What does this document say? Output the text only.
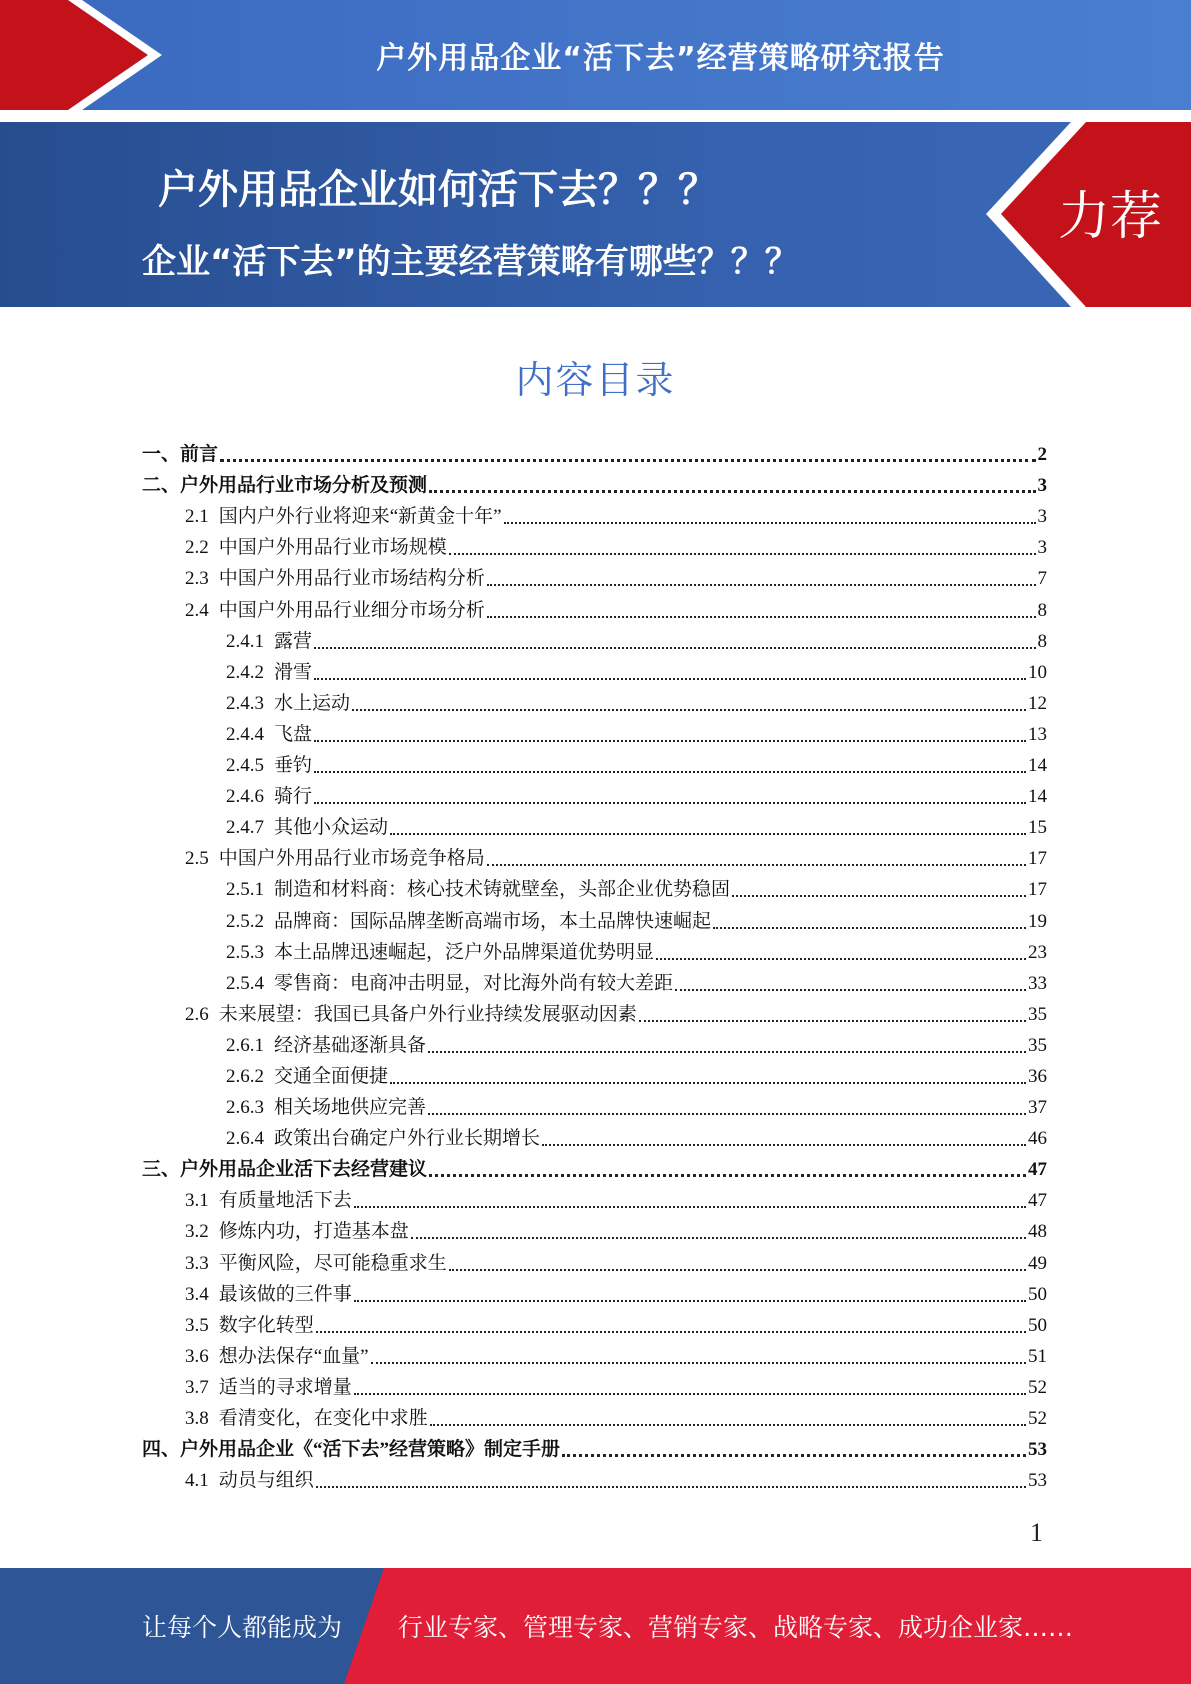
户外用品企业“活下去”经营策略研究报告
户外用品企业如何活下去？？？
企业“活下去”的主要经营策略有哪些？？？
力荐
内容目录
一、 前言	2
二、 户外用品行业市场分析及预测	3
2.1 国内户外行业将迎来“新黄金十年”	3
2.2 中国户外用品行业市场规模	3
2.3 中国户外用品行业市场结构分析	7
2.4 中国户外用品行业细分市场分析	8
2.4.1 露营	8
2.4.2 滑雪	10
2.4.3 水上运动	12
2.4.4 飞盘	13
2.4.5 垂钓	14
2.4.6 骑行	14
2.4.7 其他小众运动	15
2.5 中国户外用品行业市场竞争格局	17
2.5.1 制造和材料商：核心技术铸就壁垒，头部企业优势稳固	17
2.5.2 品牌商：国际品牌垄断高端市场，本土品牌快速崛起	19
2.5.3 本土品牌迅速崛起，泛户外品牌渠道优势明显	23
2.5.4 零售商：电商冲击明显，对比海外尚有较大差距	33
2.6 未来展望：我国已具备户外行业持续发展驱动因素	35
2.6.1 经济基础逐渐具备	35
2.6.2 交通全面便捷	36
2.6.3 相关场地供应完善	37
2.6.4 政策出台确定户外行业长期增长	46
三、 户外用品企业活下去经营建议	47
3.1 有质量地活下去	47
3.2 修炼内功，打造基本盘	48
3.3 平衡风险，尽可能稳重求生	49
3.4 最该做的三件事	50
3.5 数字化转型	50
3.6 想办法保存“血量”	51
3.7 适当的寻求增量	52
3.8 看清变化，在变化中求胜	52
四、 户外用品企业《“活下去”经营策略》制定手册	53
4.1 动员与组织	53
1
让每个人都能成为 行业专家、管理专家、营销专家、战略专家、成功企业家……
